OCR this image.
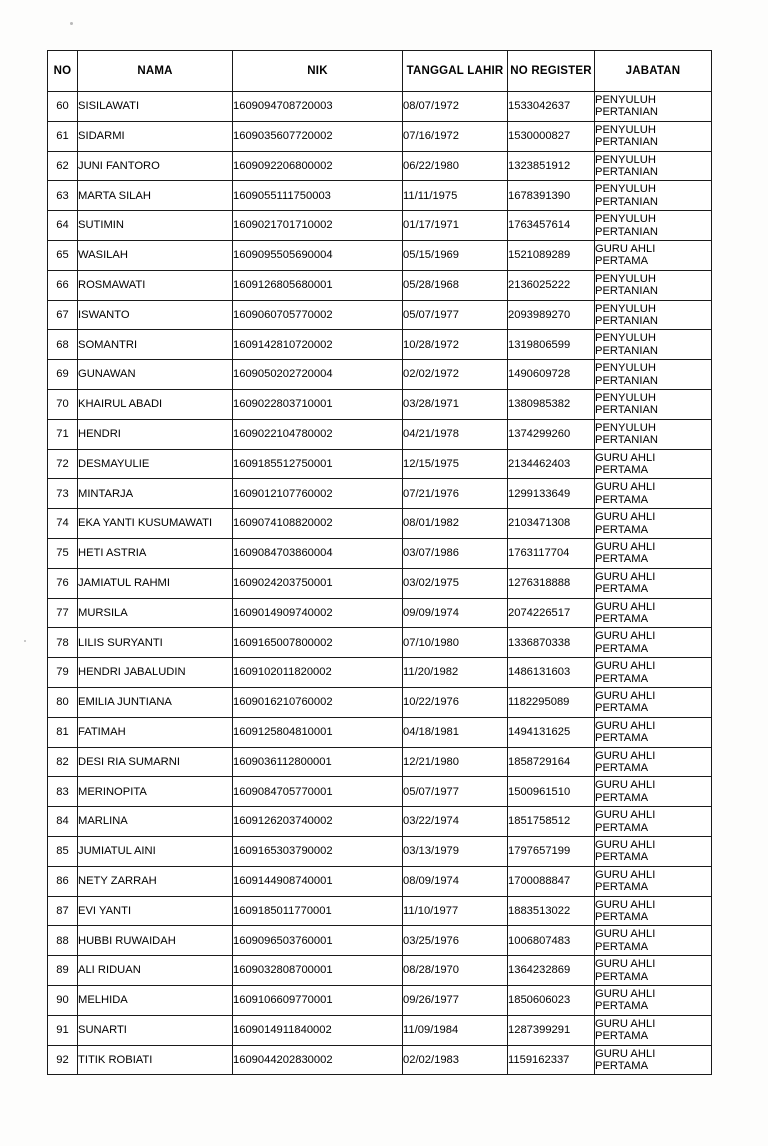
NO	NAMA	NIK	TANGGAL LAHIR	NO REGISTER	JABATAN
60	SISILAWATI	1609094708720003	08/07/1972	1533042637	PENYULUH PERTANIAN
61	SIDARMI	1609035607720002	07/16/1972	1530000827	PENYULUH PERTANIAN
62	JUNI FANTORO	1609092206800002	06/22/1980	1323851912	PENYULUH PERTANIAN
63	MARTA SILAH	1609055111750003	11/11/1975	1678391390	PENYULUH PERTANIAN
64	SUTIMIN	1609021701710002	01/17/1971	1763457614	PENYULUH PERTANIAN
65	WASILAH	1609095505690004	05/15/1969	1521089289	GURU AHLI PERTAMA
66	ROSMAWATI	1609126805680001	05/28/1968	2136025222	PENYULUH PERTANIAN
67	ISWANTO	1609060705770002	05/07/1977	2093989270	PENYULUH PERTANIAN
68	SOMANTRI	1609142810720002	10/28/1972	1319806599	PENYULUH PERTANIAN
69	GUNAWAN	1609050202720004	02/02/1972	1490609728	PENYULUH PERTANIAN
70	KHAIRUL ABADI	1609022803710001	03/28/1971	1380985382	PENYULUH PERTANIAN
71	HENDRI	1609022104780002	04/21/1978	1374299260	PENYULUH PERTANIAN
72	DESMAYULIE	1609185512750001	12/15/1975	2134462403	GURU AHLI PERTAMA
73	MINTARJA	1609012107760002	07/21/1976	1299133649	GURU AHLI PERTAMA
74	EKA YANTI KUSUMAWATI	1609074108820002	08/01/1982	2103471308	GURU AHLI PERTAMA
75	HETI ASTRIA	1609084703860004	03/07/1986	1763117704	GURU AHLI PERTAMA
76	JAMIATUL RAHMI	1609024203750001	03/02/1975	1276318888	GURU AHLI PERTAMA
77	MURSILA	1609014909740002	09/09/1974	2074226517	GURU AHLI PERTAMA
78	LILIS SURYANTI	1609165007800002	07/10/1980	1336870338	GURU AHLI PERTAMA
79	HENDRI JABALUDIN	1609102011820002	11/20/1982	1486131603	GURU AHLI PERTAMA
80	EMILIA JUNTIANA	1609016210760002	10/22/1976	1182295089	GURU AHLI PERTAMA
81	FATIMAH	1609125804810001	04/18/1981	1494131625	GURU AHLI PERTAMA
82	DESI RIA SUMARNI	1609036112800001	12/21/1980	1858729164	GURU AHLI PERTAMA
83	MERINOPITA	1609084705770001	05/07/1977	1500961510	GURU AHLI PERTAMA
84	MARLINA	1609126203740002	03/22/1974	1851758512	GURU AHLI PERTAMA
85	JUMIATUL AINI	1609165303790002	03/13/1979	1797657199	GURU AHLI PERTAMA
86	NETY ZARRAH	1609144908740001	08/09/1974	1700088847	GURU AHLI PERTAMA
87	EVI YANTI	1609185011770001	11/10/1977	1883513022	GURU AHLI PERTAMA
88	HUBBI RUWAIDAH	1609096503760001	03/25/1976	1006807483	GURU AHLI PERTAMA
89	ALI RIDUAN	1609032808700001	08/28/1970	1364232869	GURU AHLI PERTAMA
90	MELHIDA	1609106609770001	09/26/1977	1850606023	GURU AHLI PERTAMA
91	SUNARTI	1609014911840002	11/09/1984	1287399291	GURU AHLI PERTAMA
92	TITIK ROBIATI	1609044202830002	02/02/1983	1159162337	GURU AHLI PERTAMA
